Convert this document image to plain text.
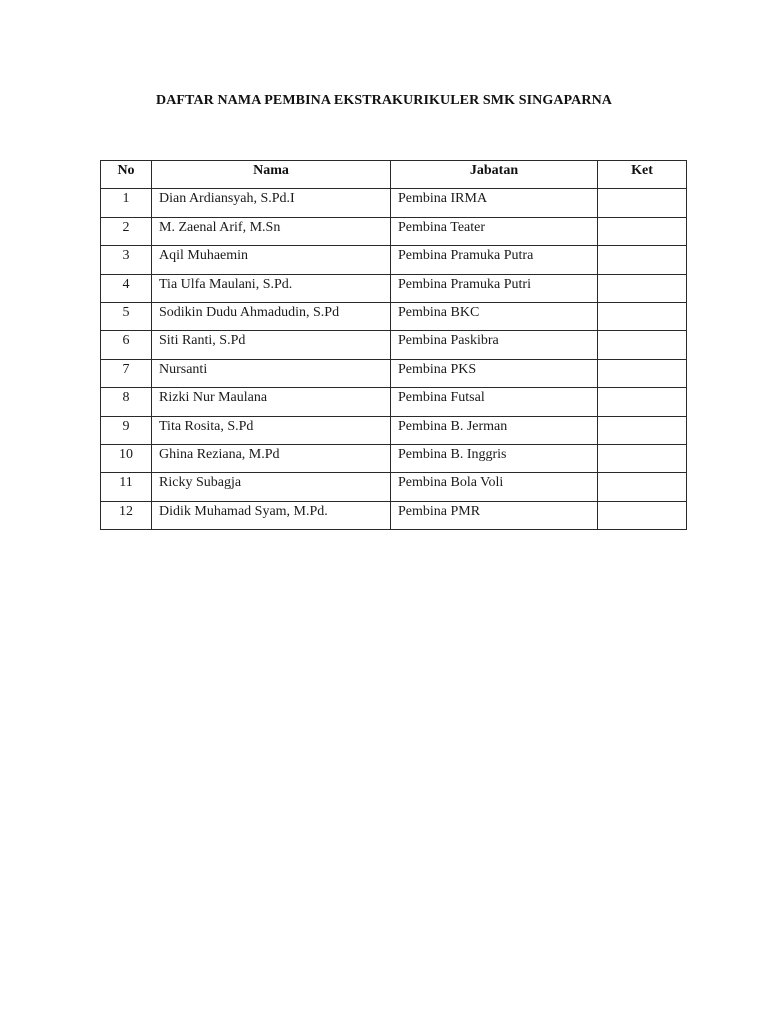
DAFTAR NAMA PEMBINA EKSTRAKURIKULER SMK SINGAPARNA
No	Nama	Jabatan	Ket
1	Dian Ardiansyah, S.Pd.I	Pembina IRMA	
2	M. Zaenal Arif, M.Sn	Pembina Teater	
3	Aqil Muhaemin	Pembina Pramuka Putra	
4	Tia Ulfa Maulani, S.Pd.	Pembina Pramuka Putri	
5	Sodikin Dudu Ahmadudin, S.Pd	Pembina BKC	
6	Siti Ranti, S.Pd	Pembina Paskibra	
7	Nursanti	Pembina PKS	
8	Rizki Nur Maulana	Pembina Futsal	
9	Tita Rosita, S.Pd	Pembina B. Jerman	
10	Ghina Reziana, M.Pd	Pembina B. Inggris	
11	Ricky Subagja	Pembina Bola Voli	
12	Didik Muhamad Syam, M.Pd.	Pembina PMR	
